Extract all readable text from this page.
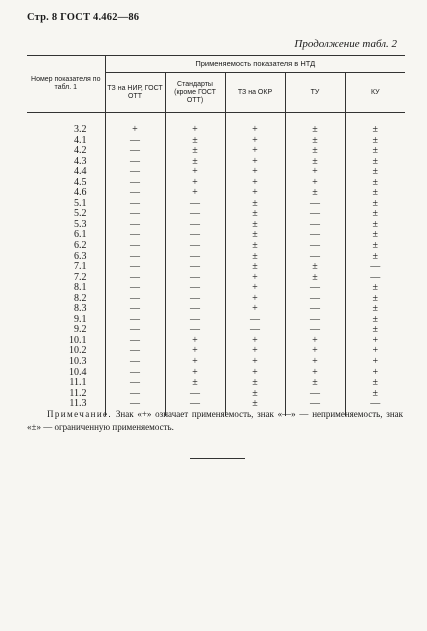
Стр. 8 ГОСТ 4.462—86
Продолжение табл. 2
Номер показателя по табл. 1	Применяемость показателя в НТД				
	ТЗ на НИР, ГОСТ ОТТ	Стандарты (кроме ГОСТ ОТТ)	ТЗ на ОКР	ТУ	КУ

3.2	+	+	+	±	±
4.1	—	±	+	±	±
4.2	—	±	+	±	±
4.3	—	±	+	±	±
4.4	—	+	+	+	±
4.5	—	+	+	+	±
4.6	—	+	+	±	±
5.1	—	—	±	—	±
5.2	—	—	±	—	±
5.3	—	—	±	—	±
6.1	—	—	±	—	±
6.2	—	—	±	—	±
6.3	—	—	±	—	±
7.1	—	—	±	±	—
7.2	—	—	+	±	—
8.1	—	—	+	—	±
8.2	—	—	+	—	±
8.3	—	—	+	—	±
9.1	—	—	—	—	±
9.2	—	—	—	—	±
10.1	—	+	+	+	+
10.2	—	+	+	+	+
10.3	—	+	+	+	+
10.4	—	+	+	+	+
11.1	—	±	±	±	±
11.2	—	—	±	—	±
11.3	—	—	±	—	—

Примечание. Знак «+» означает применяемость, знак «—» — неприменяемость, знак «±» — ограниченную применяемость.
